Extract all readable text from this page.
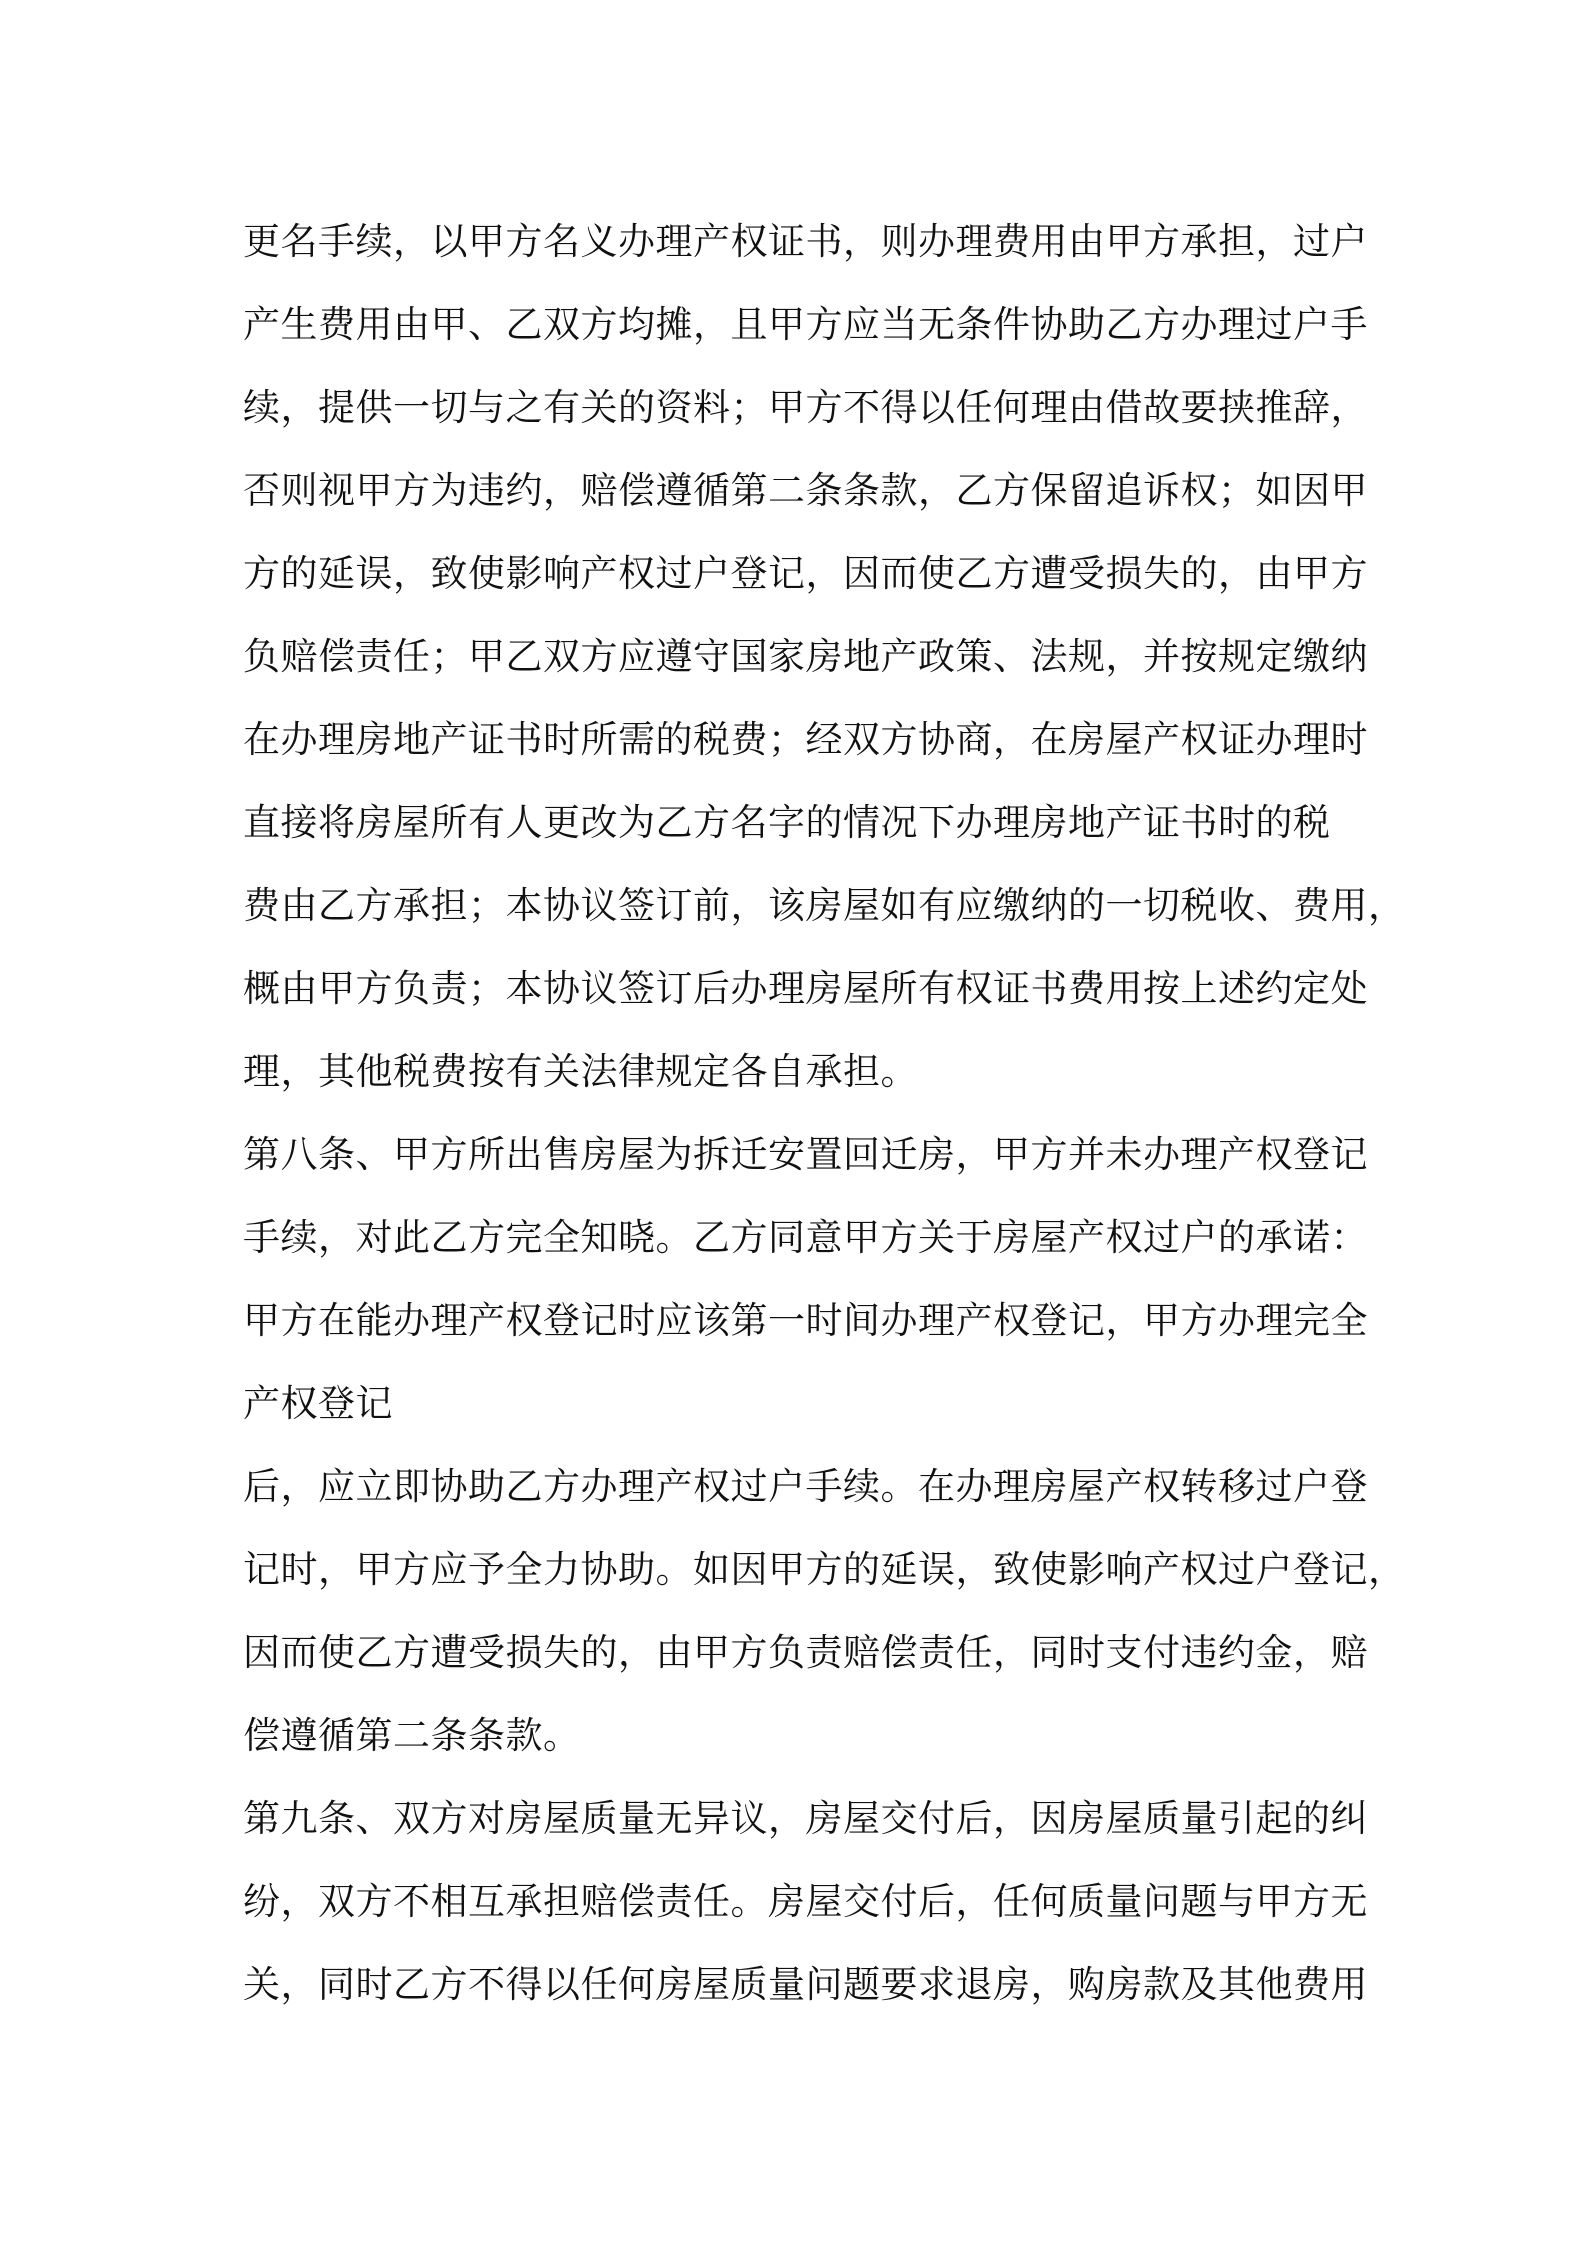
更名手续，以甲方名义办理产权证书，则办理费用由甲方承担，过户
产生费用由甲、乙双方均摊，且甲方应当无条件协助乙方办理过户手
续，提供一切与之有关的资料；甲方不得以任何理由借故要挟推辞，
否则视甲方为违约，赔偿遵循第二条条款，乙方保留追诉权；如因甲
方的延误，致使影响产权过户登记，因而使乙方遭受损失的，由甲方
负赔偿责任；甲乙双方应遵守国家房地产政策、法规，并按规定缴纳
在办理房地产证书时所需的税费；经双方协商，在房屋产权证办理时
直接将房屋所有人更改为乙方名字的情况下办理房地产证书时的税
费由乙方承担；本协议签订前，该房屋如有应缴纳的一切税收、费用，
概由甲方负责；本协议签订后办理房屋所有权证书费用按上述约定处
理，其他税费按有关法律规定各自承担。
第八条、甲方所出售房屋为拆迁安置回迁房，甲方并未办理产权登记
手续，对此乙方完全知晓。乙方同意甲方关于房屋产权过户的承诺：
甲方在能办理产权登记时应该第一时间办理产权登记，甲方办理完全
产权登记
后，应立即协助乙方办理产权过户手续。在办理房屋产权转移过户登
记时，甲方应予全力协助。如因甲方的延误，致使影响产权过户登记，
因而使乙方遭受损失的，由甲方负责赔偿责任，同时支付违约金，赔
偿遵循第二条条款。
第九条、双方对房屋质量无异议，房屋交付后，因房屋质量引起的纠
纷，双方不相互承担赔偿责任。房屋交付后，任何质量问题与甲方无
关，同时乙方不得以任何房屋质量问题要求退房，购房款及其他费用
